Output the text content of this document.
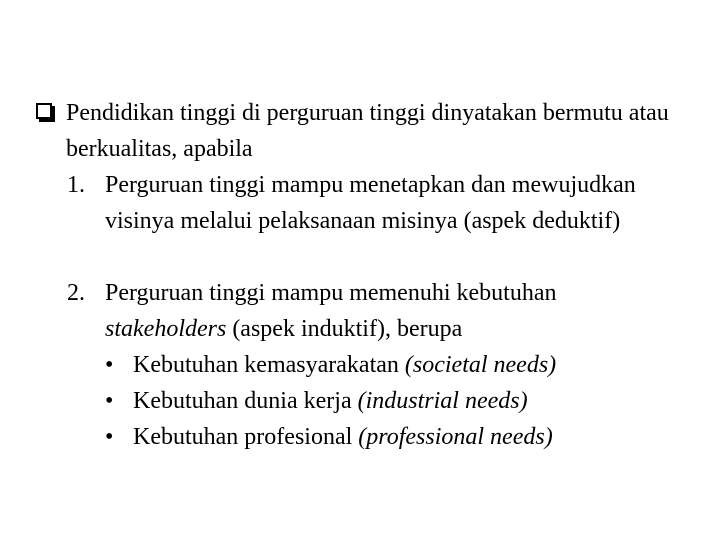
Pendidikan tinggi di perguruan tinggi dinyatakan bermutu atau berkualitas, apabila
1. Perguruan tinggi mampu menetapkan dan mewujudkan visinya melalui pelaksanaan misinya (aspek deduktif)
2. Perguruan tinggi mampu memenuhi kebutuhan
stakeholders (aspek induktif), berupa
• Kebutuhan kemasyarakatan (societal needs)
• Kebutuhan dunia kerja (industrial needs)
• Kebutuhan profesional (professional needs)
